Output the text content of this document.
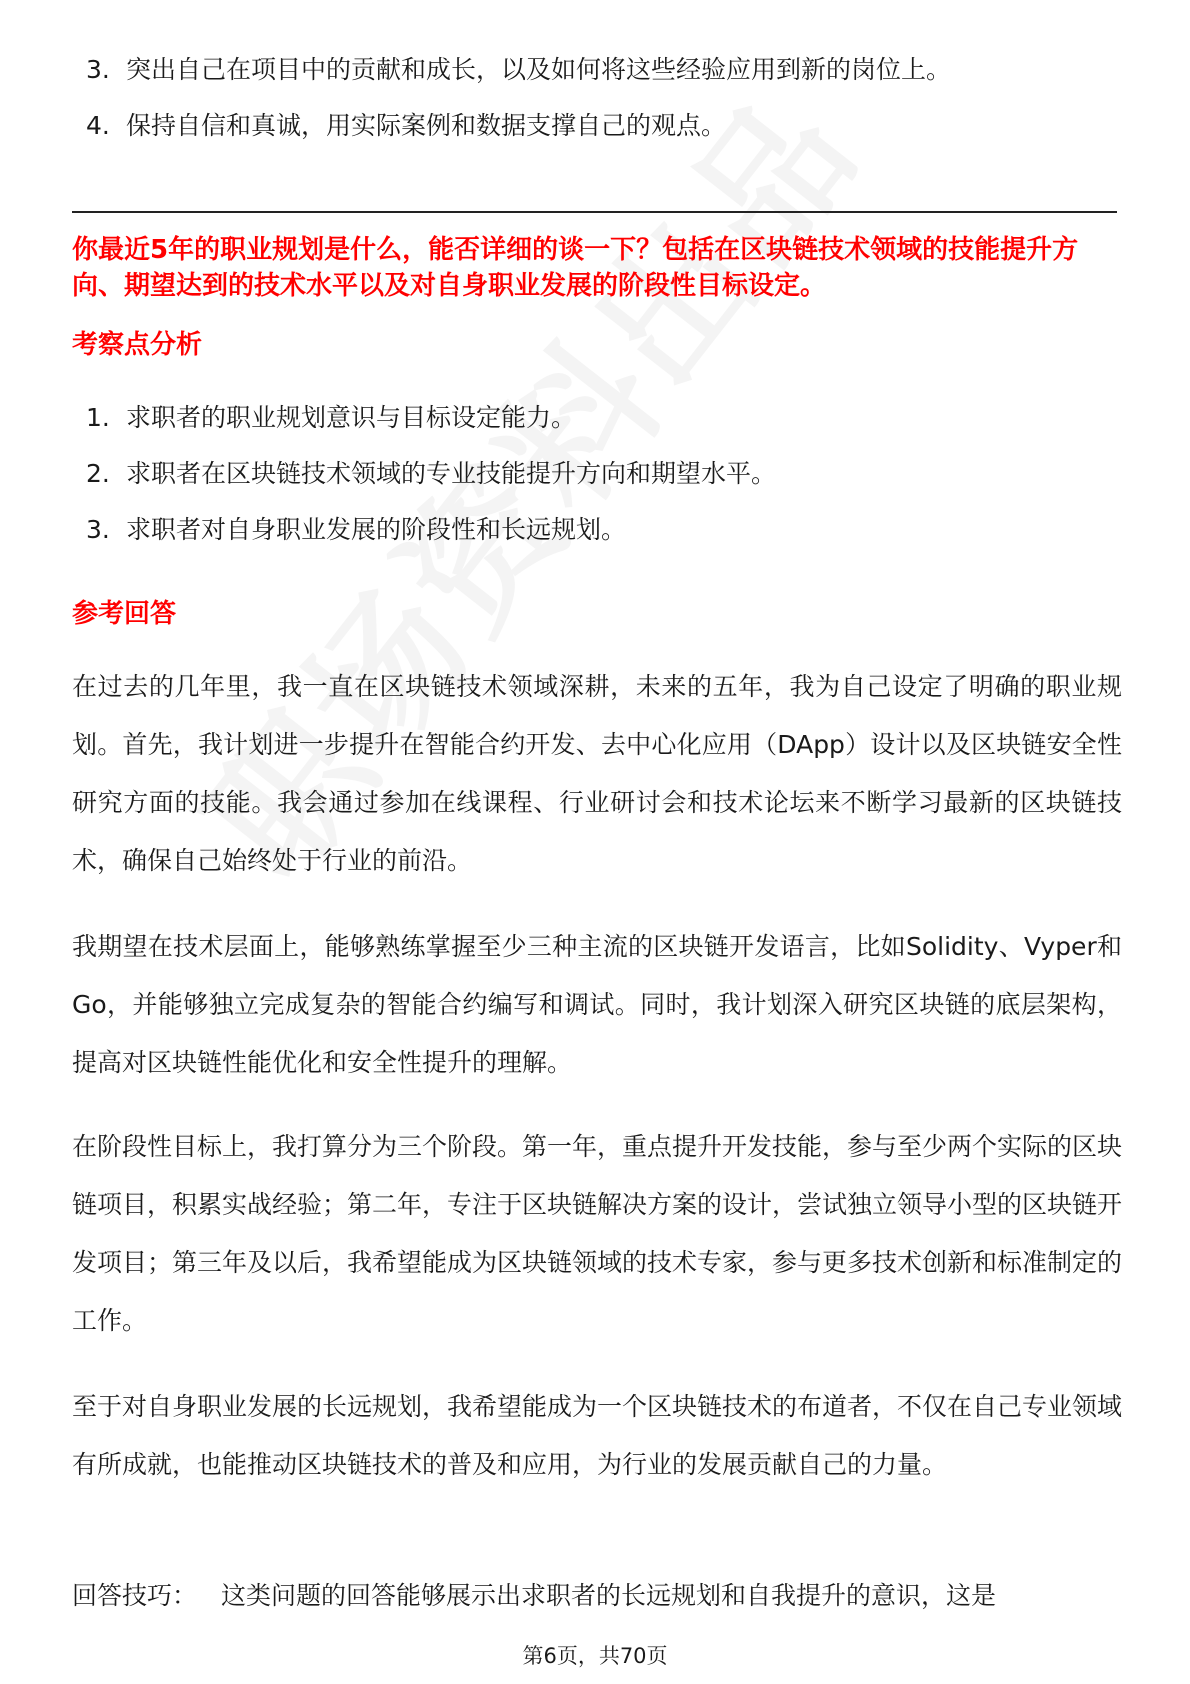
3. 突出自己在项目中的贡献和成长，以及如何将这些经验应用到新的岗位上。
4. 保持自信和真诚，用实际案例和数据支撑自己的观点。

你最近5年的职业规划是什么，能否详细的谈一下？包括在区块链技术领域的技能提升方向、期望达到的技术水平以及对自身职业发展的阶段性目标设定。

考察点分析
1. 求职者的职业规划意识与目标设定能力。
2. 求职者在区块链技术领域的专业技能提升方向和期望水平。
3. 求职者对自身职业发展的阶段性和长远规划。
参考回答

在过去的几年里，我一直在区块链技术领域深耕，未来的五年，我为自己设定了明确的职业规划。首先，我计划进一步提升在智能合约开发、去中心化应用（DApp）设计以及区块链安全性研究方面的技能。我会通过参加在线课程、行业研讨会和技术论坛来不断学习最新的区块链技术，确保自己始终处于行业的前沿。

我期望在技术层面上，能够熟练掌握至少三种主流的区块链开发语言，比如Solidity、Vyper和Go，并能够独立完成复杂的智能合约编写和调试。同时，我计划深入研究区块链的底层架构，提高对区块链性能优化和安全性提升的理解。

在阶段性目标上，我打算分为三个阶段。第一年，重点提升开发技能，参与至少两个实际的区块链项目，积累实战经验；第二年，专注于区块链解决方案的设计，尝试独立领导小型的区块链开发项目；第三年及以后，我希望能成为区块链领域的技术专家，参与更多技术创新和标准制定的工作。

至于对自身职业发展的长远规划，我希望能成为一个区块链技术的布道者，不仅在自己专业领域有所成就，也能推动区块链技术的普及和应用，为行业的发展贡献自己的力量。

回答技巧： 这类问题的回答能够展示出求职者的长远规划和自我提升的意识，这是

第6页，共70页
